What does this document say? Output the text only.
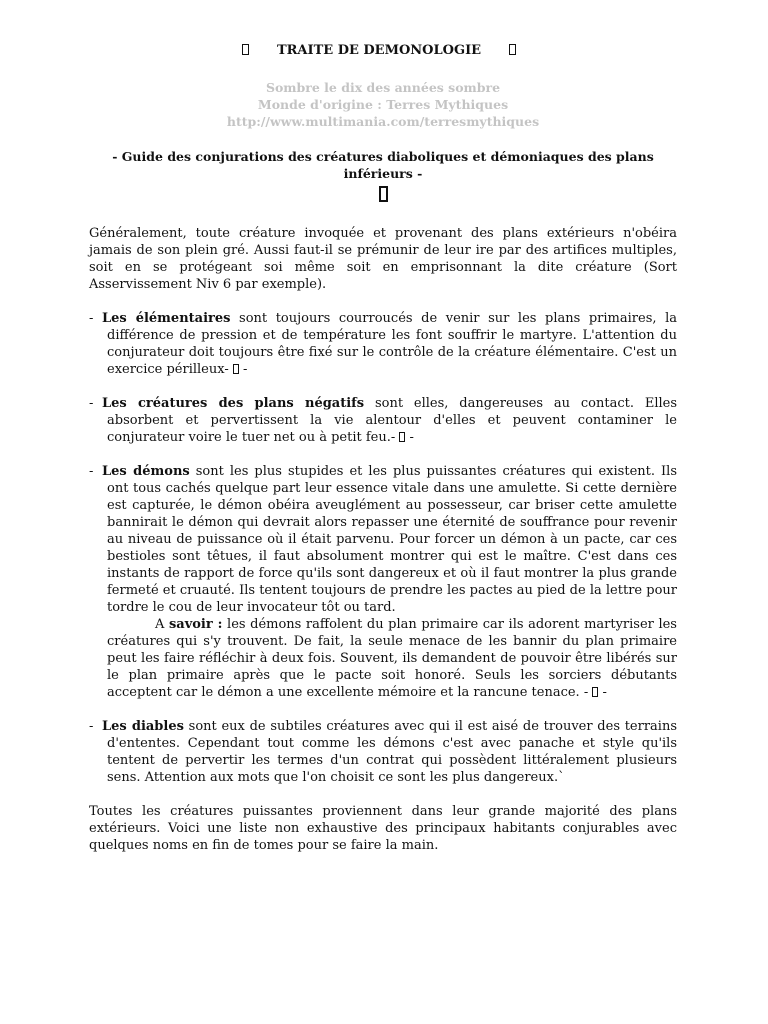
TRAITE DE DEMONOLOGIE
Sombre le dix des années sombre
Monde d'origine : Terres Mythiques
http://www.multimania.com/terresmythiques
- Guide des conjurations des créatures diaboliques et démoniaques des plans inférieurs -

Généralement, toute créature invoquée et provenant des plans extérieurs n'obéira jamais de son plein gré. Aussi faut-il se prémunir de leur ire par des artifices multiples, soit en se protégeant soi même soit en emprisonnant la dite créature (Sort Asservissement Niv 6 par exemple).

- Les élémentaires sont toujours courroucés de venir sur les plans primaires, la différence de pression et de température les font souffrir le martyre. L'attention du conjurateur doit toujours être fixé sur le contrôle de la créature élémentaire. C'est un exercice périlleux-  -
- Les créatures des plans négatifs sont elles, dangereuses au contact. Elles absorbent et pervertissent la vie alentour d'elles et peuvent contaminer le conjurateur voire le tuer net ou à petit feu.-  -
- Les démons sont les plus stupides et les plus puissantes créatures qui existent. Ils ont tous cachés quelque part leur essence vitale dans une amulette. Si cette dernière est capturée, le démon obéira aveuglément au possesseur, car briser cette amulette bannirait le démon qui devrait alors repasser une éternité de souffrance pour revenir au niveau de puissance où il était parvenu. Pour forcer un démon à un pacte, car ces bestioles sont têtues, il faut absolument montrer qui est le maître. C'est dans ces instants de rapport de force qu'ils sont dangereux et où il faut montrer la plus grande fermeté et cruauté. Ils tentent toujours de prendre les pactes au pied de la lettre pour tordre le cou de leur invocateur tôt ou tard.
A savoir : les démons raffolent du plan primaire car ils adorent martyriser les créatures qui s'y trouvent. De fait, la seule menace de les bannir du plan primaire peut les faire réfléchir à deux fois. Souvent, ils demandent de pouvoir être libérés sur le plan primaire après que le pacte soit honoré. Seuls les sorciers débutants acceptent car le démon a une excellente mémoire et la rancune tenace. -  -
- Les diables sont eux de subtiles créatures avec qui il est aisé de trouver des terrains d'ententes. Cependant tout comme les démons c'est avec panache et style qu'ils tentent de pervertir les termes d'un contrat qui possèdent littéralement plusieurs sens. Attention aux mots que l'on choisit ce sont les plus dangereux.`

Toutes les créatures puissantes proviennent dans leur grande majorité des plans extérieurs. Voici une liste non exhaustive des principaux habitants conjurables avec quelques noms en fin de tomes pour se faire la main.
